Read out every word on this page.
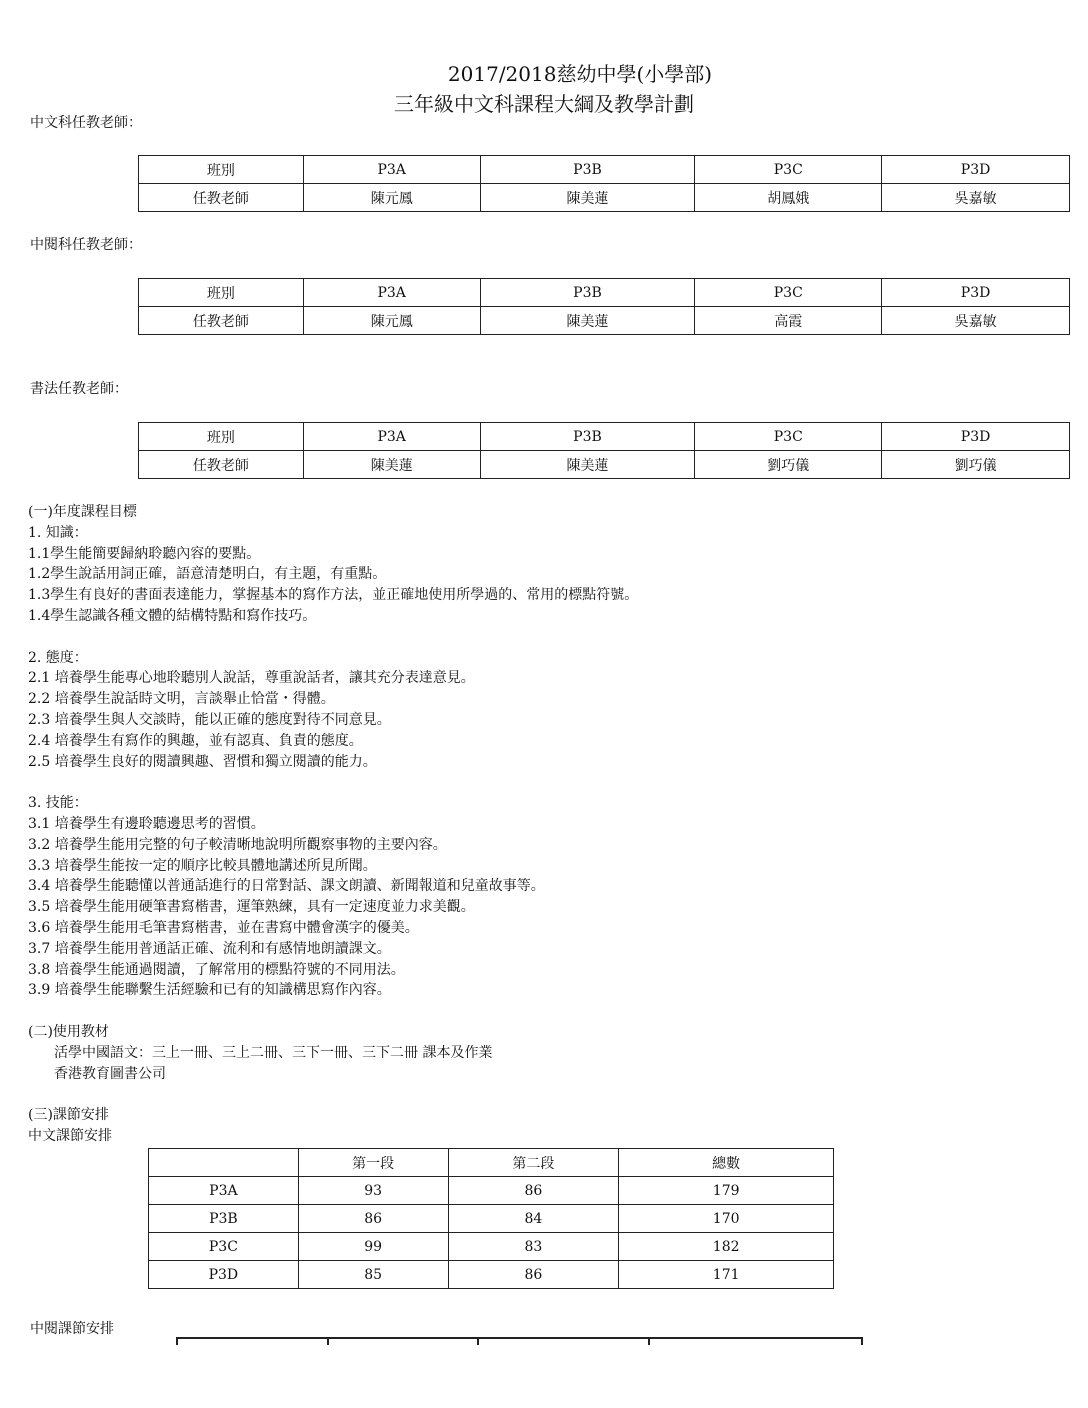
2017/2018慈幼中學(小學部)
三年級中文科課程大綱及教學計劃
中文科任教老師：
班別	P3A	P3B	P3C	P3D
任教老師	陳元鳳	陳美蓮	胡鳳娥	吳嘉敏
中閱科任教老師：
班別	P3A	P3B	P3C	P3D
任教老師	陳元鳳	陳美蓮	高霞	吳嘉敏
書法任教老師：
班別	P3A	P3B	P3C	P3D
任教老師	陳美蓮	陳美蓮	劉巧儀	劉巧儀
(一)年度課程目標
1. 知識：
1.1學生能簡要歸納聆聽內容的要點。
1.2學生說話用詞正確，語意清楚明白，有主題，有重點。
1.3學生有良好的書面表達能力，掌握基本的寫作方法，並正確地使用所學過的、常用的標點符號。
1.4學生認識各種文體的結構特點和寫作技巧。
2. 態度：
2.1 培養學生能專心地聆聽別人說話，尊重說話者，讓其充分表達意見。
2.2 培養學生說話時文明，言談舉止恰當・得體。
2.3 培養學生與人交談時，能以正確的態度對待不同意見。
2.4 培養學生有寫作的興趣，並有認真、負責的態度。
2.5 培養學生良好的閱讀興趣、習慣和獨立閱讀的能力。
3. 技能：
3.1 培養學生有邊聆聽邊思考的習慣。
3.2 培養學生能用完整的句子較清晰地說明所觀察事物的主要內容。
3.3 培養學生能按一定的順序比較具體地講述所見所聞。
3.4 培養學生能聽懂以普通話進行的日常對話、課文朗讀、新聞報道和兒童故事等。
3.5 培養學生能用硬筆書寫楷書，運筆熟練，具有一定速度並力求美觀。
3.6 培養學生能用毛筆書寫楷書，並在書寫中體會漢字的優美。
3.7 培養學生能用普通話正確、流利和有感情地朗讀課文。
3.8 培養學生能通過閱讀，了解常用的標點符號的不同用法。
3.9 培養學生能聯繫生活經驗和已有的知識構思寫作內容。
(二)使用教材
活學中國語文：三上一冊、三上二冊、三下一冊、三下二冊 課本及作業
香港教育圖書公司
(三)課節安排
中文課節安排
	第一段	第二段	總數
P3A	93	86	179
P3B	86	84	170
P3C	99	83	182
P3D	85	86	171
中閱課節安排
